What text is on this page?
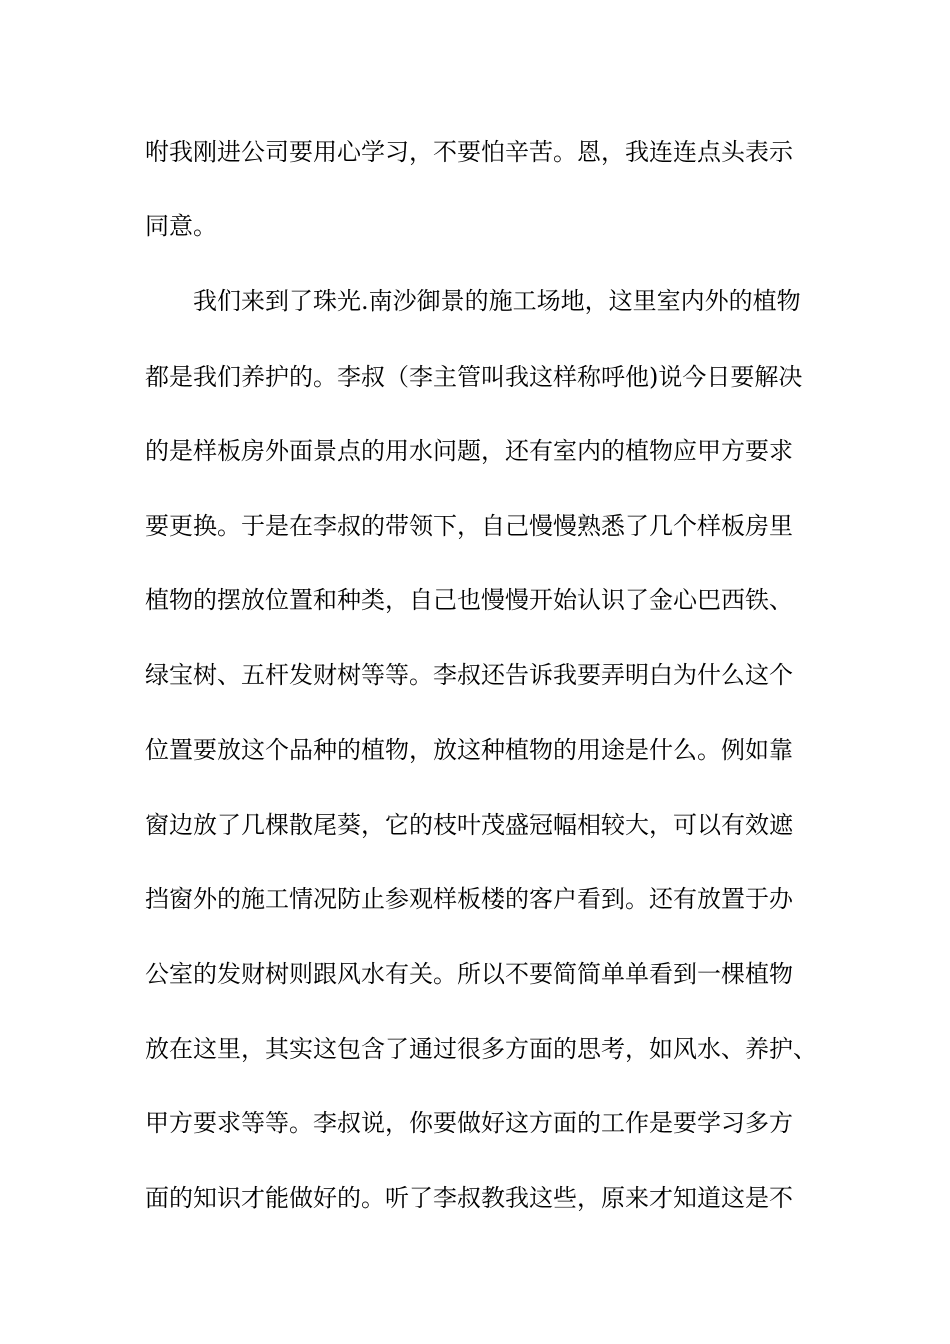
咐我刚进公司要用心学习，不要怕辛苦。恩，我连连点头表示
同意。
我们来到了珠光.南沙御景的施工场地，这里室内外的植物
都是我们养护的。李叔（李主管叫我这样称呼他)说今日要解决
的是样板房外面景点的用水问题，还有室内的植物应甲方要求
要更换。于是在李叔的带领下，自己慢慢熟悉了几个样板房里
植物的摆放位置和种类，自己也慢慢开始认识了金心巴西铁、
绿宝树、五杆发财树等等。李叔还告诉我要弄明白为什么这个
位置要放这个品种的植物，放这种植物的用途是什么。例如靠
窗边放了几棵散尾葵，它的枝叶茂盛冠幅相较大，可以有效遮
挡窗外的施工情况防止参观样板楼的客户看到。还有放置于办
公室的发财树则跟风水有关。所以不要简简单单看到一棵植物
放在这里，其实这包含了通过很多方面的思考，如风水、养护、
甲方要求等等。李叔说，你要做好这方面的工作是要学习多方
面的知识才能做好的。听了李叔教我这些，原来才知道这是不
